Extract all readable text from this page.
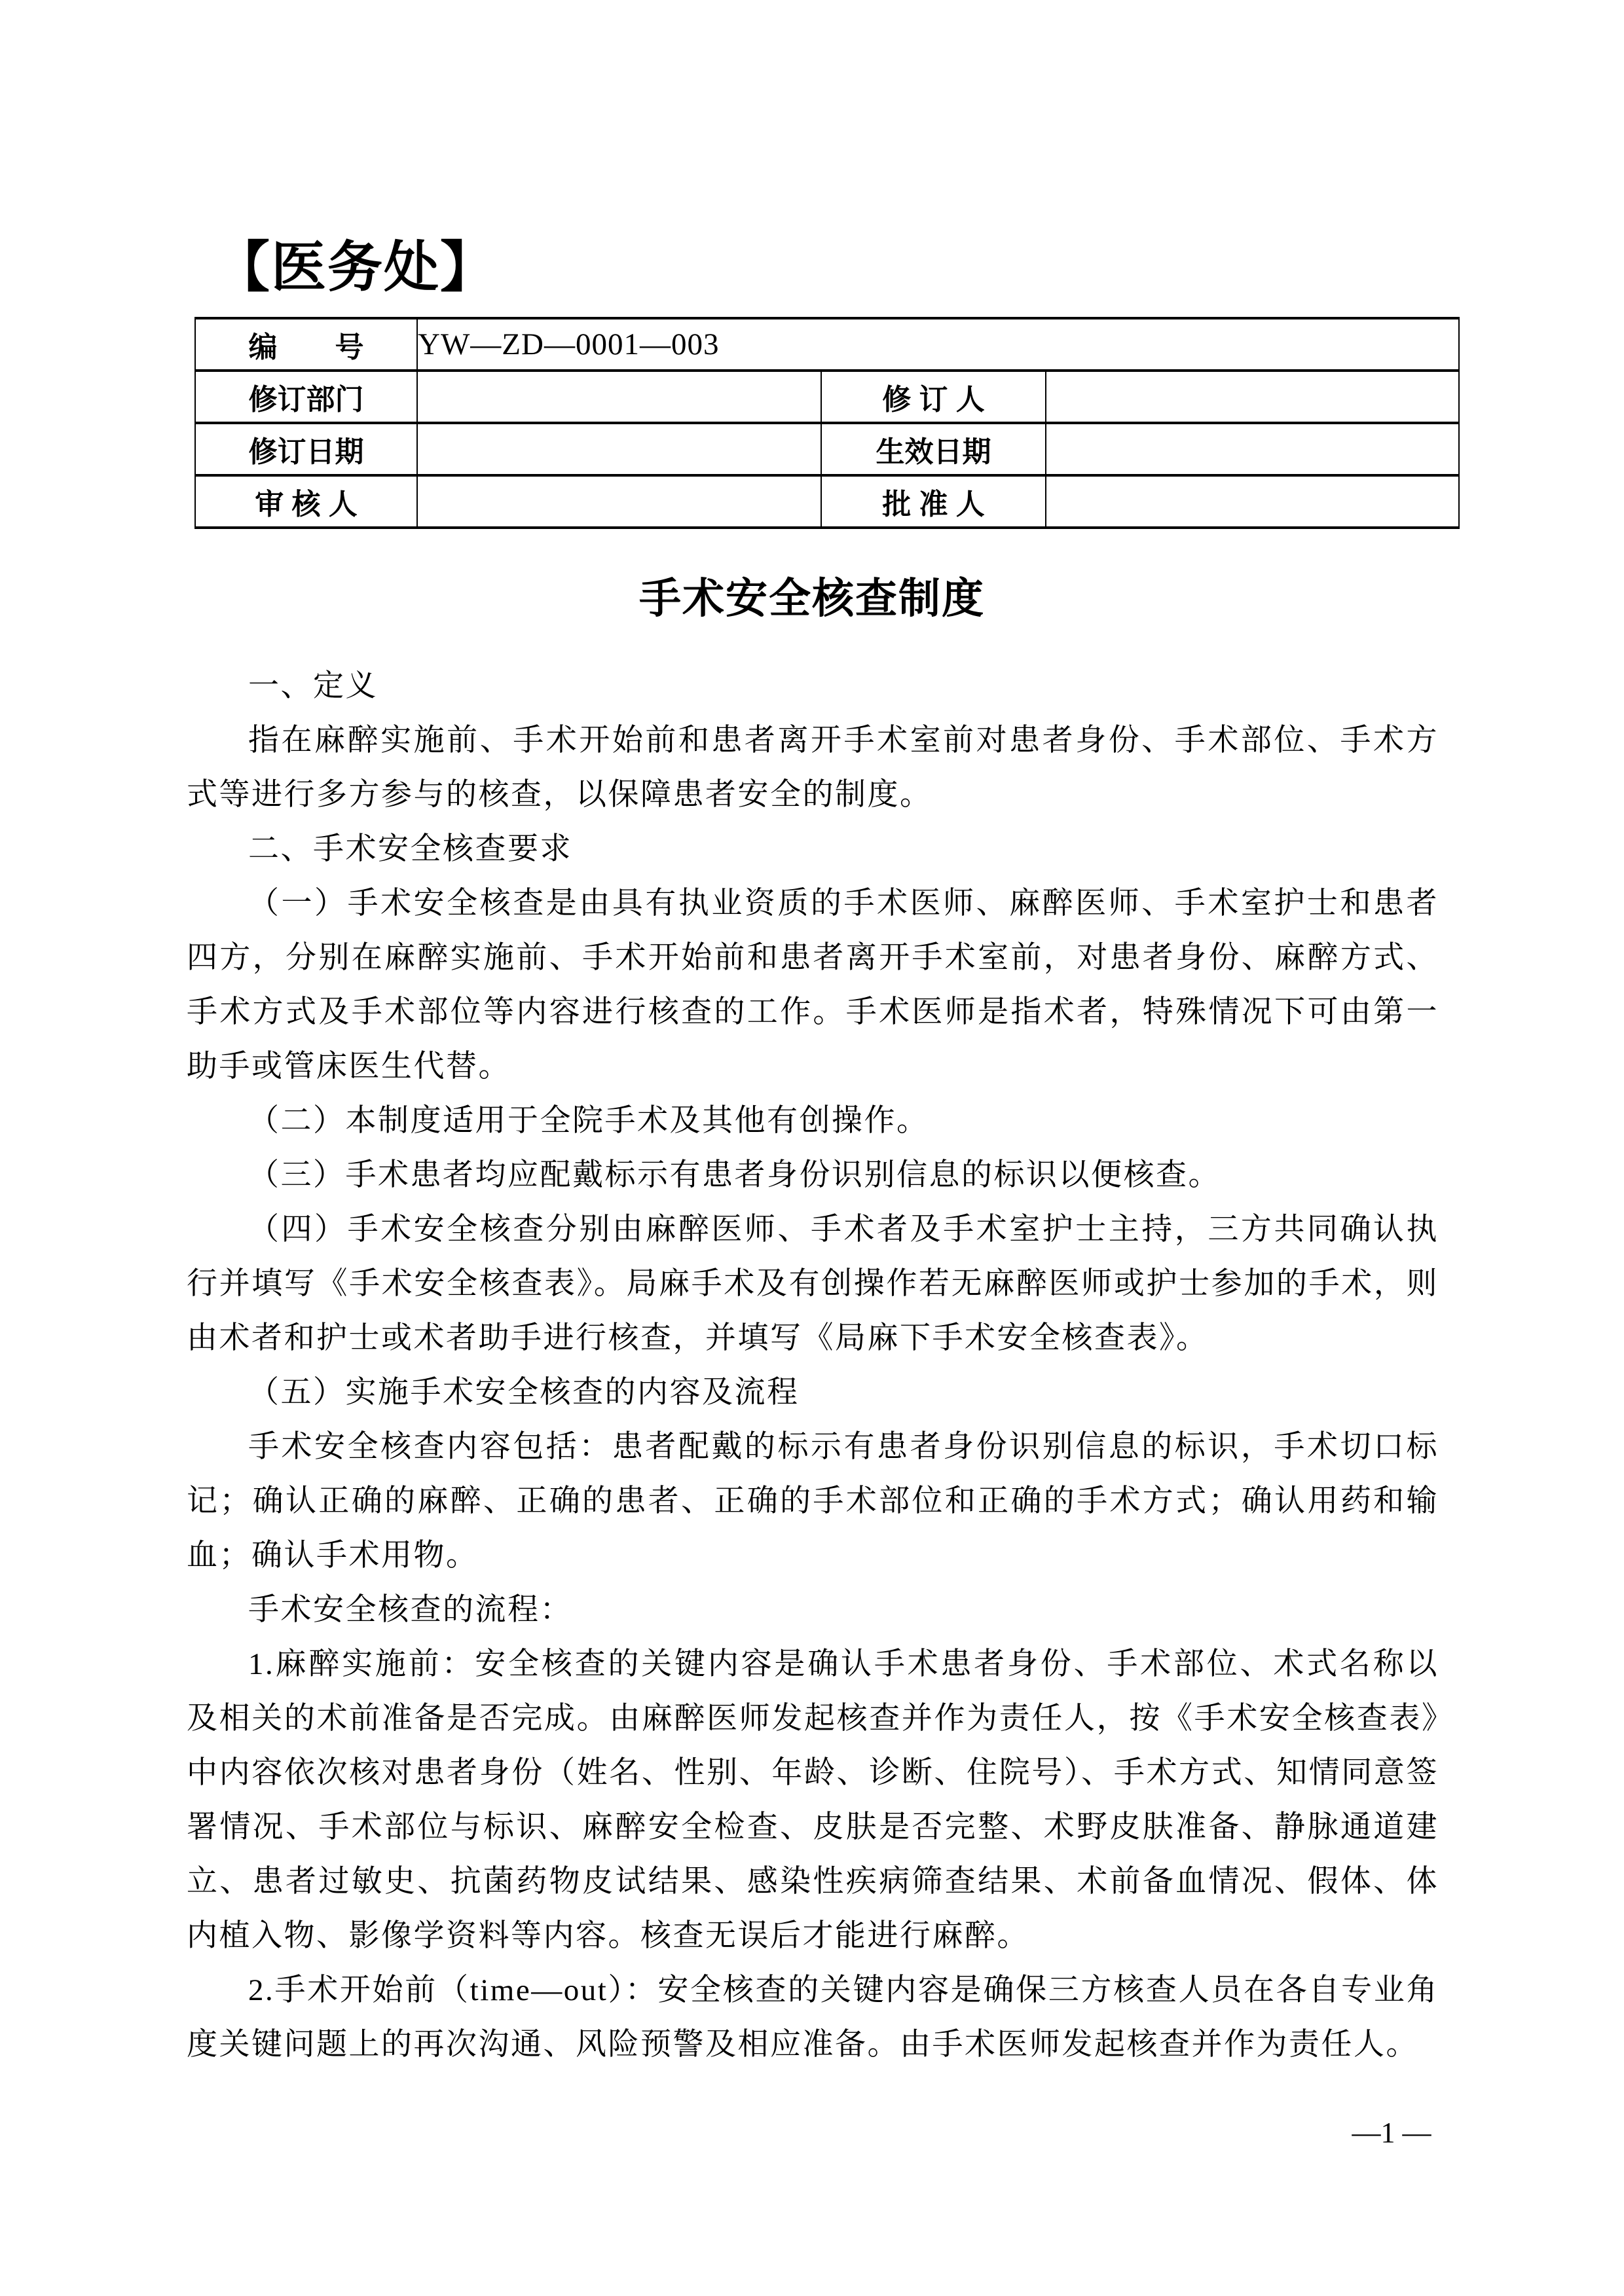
【医务处】
编　　号	YW—ZD—0001—003		
修订部门		修 订 人	
修订日期		生效日期	
审 核 人		批 准 人	
手术安全核查制度

一、定义

指在麻醉实施前、手术开始前和患者离开手术室前对患者身份、手术部位、手术方式等进行多方参与的核查，以保障患者安全的制度。

二、手术安全核查要求

（一）手术安全核查是由具有执业资质的手术医师、麻醉医师、手术室护士和患者四方，分别在麻醉实施前、手术开始前和患者离开手术室前，对患者身份、麻醉方式、手术方式及手术部位等内容进行核查的工作。手术医师是指术者，特殊情况下可由第一助手或管床医生代替。

（二）本制度适用于全院手术及其他有创操作。

（三）手术患者均应配戴标示有患者身份识别信息的标识以便核查。

（四）手术安全核查分别由麻醉医师、手术者及手术室护士主持，三方共同确认执行并填写《手术安全核查表》。局麻手术及有创操作若无麻醉医师或护士参加的手术，则由术者和护士或术者助手进行核查，并填写《局麻下手术安全核查表》。

（五）实施手术安全核查的内容及流程

手术安全核查内容包括：患者配戴的标示有患者身份识别信息的标识，手术切口标记；确认正确的麻醉、正确的患者、正确的手术部位和正确的手术方式；确认用药和输血；确认手术用物。

手术安全核查的流程：

1.麻醉实施前：安全核查的关键内容是确认手术患者身份、手术部位、术式名称以及相关的术前准备是否完成。由麻醉医师发起核查并作为责任人，按《手术安全核查表》中内容依次核对患者身份（姓名、性别、年龄、诊断、住院号）、手术方式、知情同意签署情况、手术部位与标识、麻醉安全检查、皮肤是否完整、术野皮肤准备、静脉通道建立、患者过敏史、抗菌药物皮试结果、感染性疾病筛查结果、术前备血情况、假体、体内植入物、影像学资料等内容。核查无误后才能进行麻醉。

2.手术开始前（time—out）：安全核查的关键内容是确保三方核查人员在各自专业角度关键问题上的再次沟通、风险预警及相应准备。由手术医师发起核查并作为责任人。

—1 —
